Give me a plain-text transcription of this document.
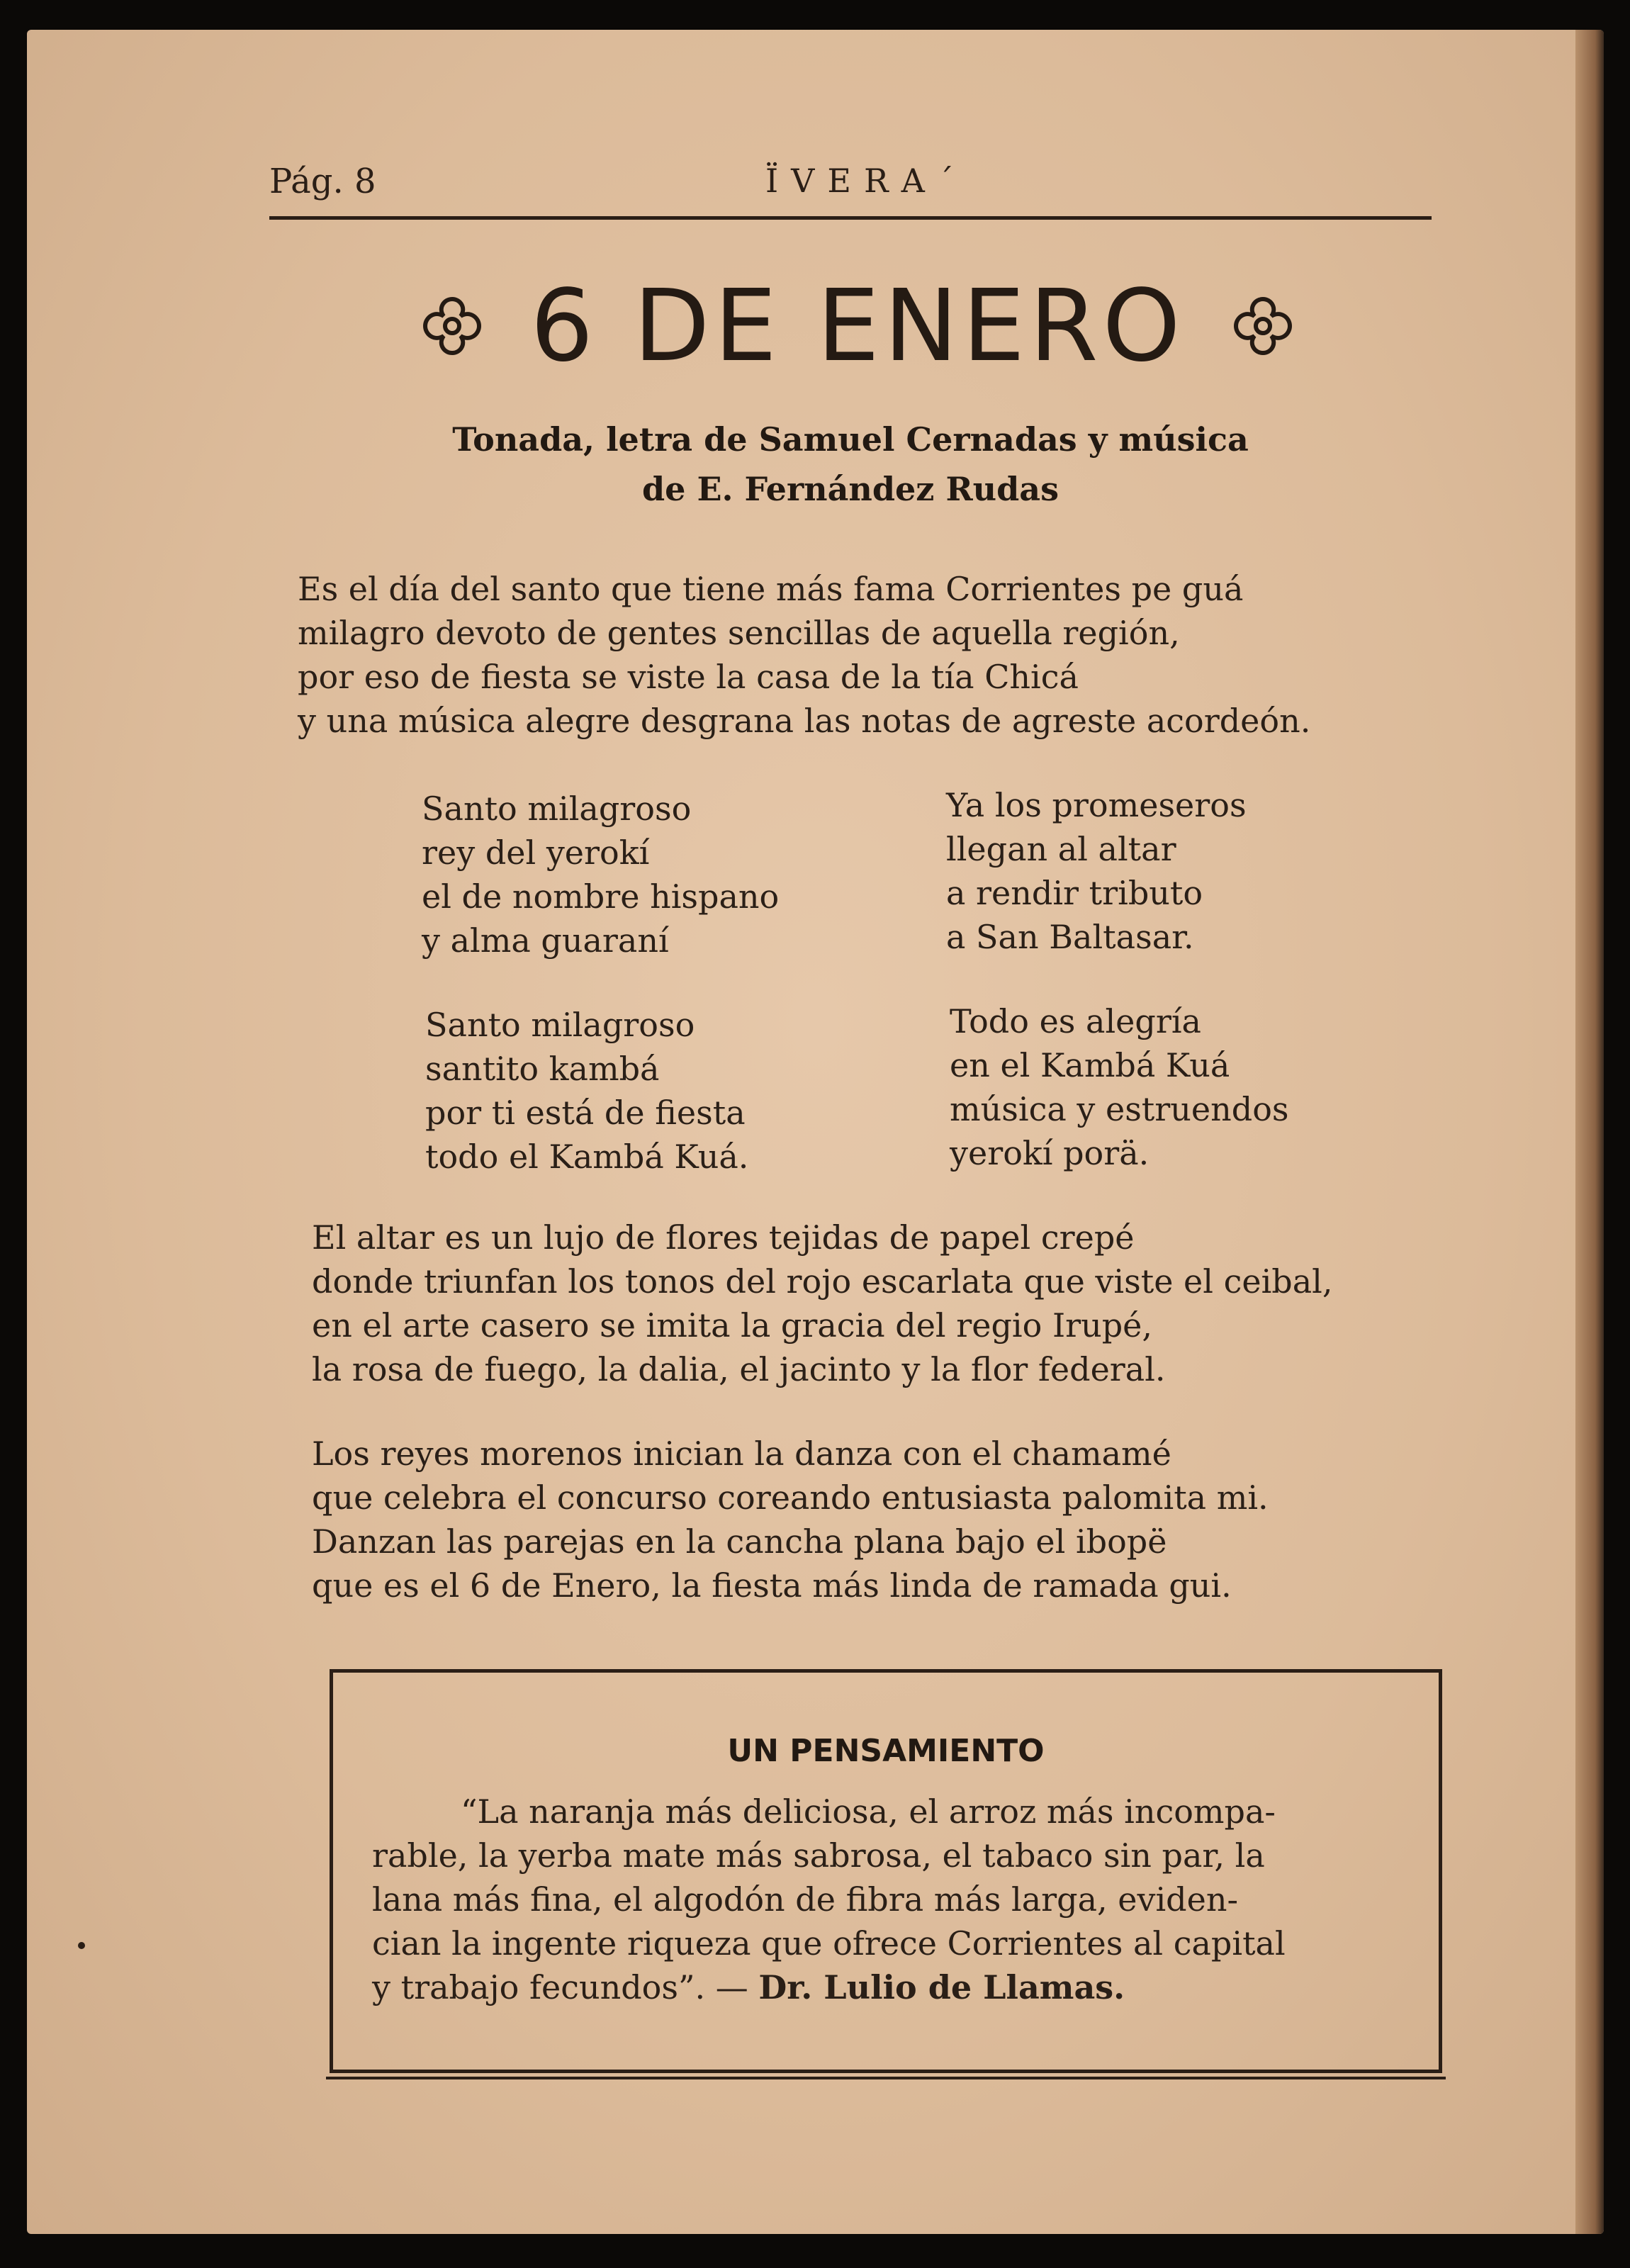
Pág. 8	ÏVERA´
6 DE ENERO
Tonada, letra de Samuel Cernadas y música
de E. Fernández Rudas
Es el día del santo que tiene más fama Corrientes pe guá
milagro devoto de gentes sencillas de aquella región,
por eso de fiesta se viste la casa de la tía Chicá
y una música alegre desgrana las notas de agreste acordeón.
Santo milagroso
rey del yerokí
el de nombre hispano
y alma guaraní
Ya los promeseros
llegan al altar
a rendir tributo
a San Baltasar.
Santo milagroso
santito kambá
por ti está de fiesta
todo el Kambá Kuá.
Todo es alegría
en el Kambá Kuá
música y estruendos
yerokí porä.
El altar es un lujo de flores tejidas de papel crepé
donde triunfan los tonos del rojo escarlata que viste el ceibal,
en el arte casero se imita la gracia del regio Irupé,
la rosa de fuego, la dalia, el jacinto y la flor federal.
Los reyes morenos inician la danza con el chamamé
que celebra el concurso coreando entusiasta palomita mi.
Danzan las parejas en la cancha plana bajo el ibopë
que es el 6 de Enero, la fiesta más linda de ramada gui.
UN PENSAMIENTO
“La naranja más deliciosa, el arroz más incompa-
rable, la yerba mate más sabrosa, el tabaco sin par, la
lana más fina, el algodón de fibra más larga, eviden-
cian la ingente riqueza que ofrece Corrientes al capital
y trabajo fecundos”. — Dr. Lulio de Llamas.
